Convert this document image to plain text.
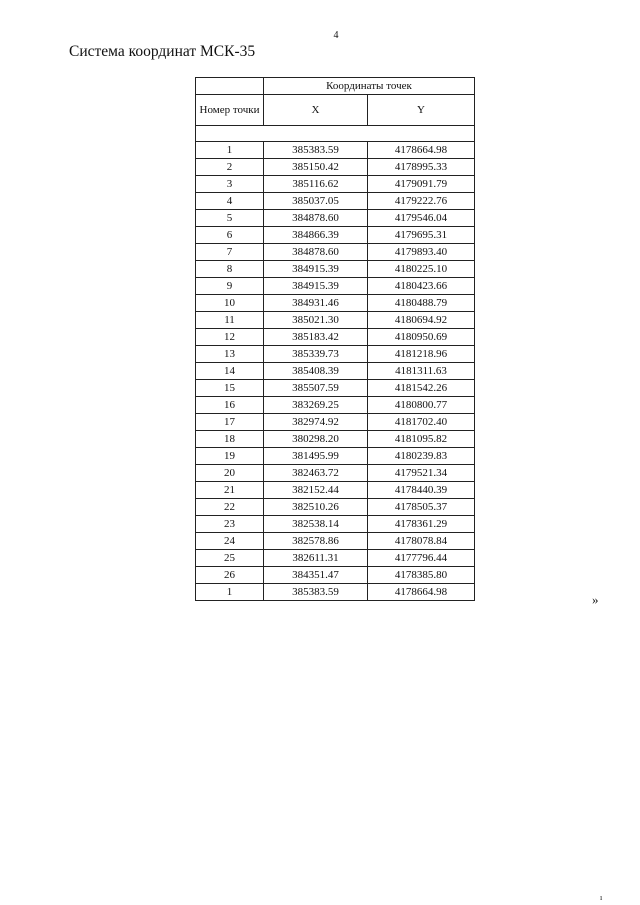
4
Система координат МСК-35
	Координаты точек	
Номер точки	X	Y

1	385383.59	4178664.98
2	385150.42	4178995.33
3	385116.62	4179091.79
4	385037.05	4179222.76
5	384878.60	4179546.04
6	384866.39	4179695.31
7	384878.60	4179893.40
8	384915.39	4180225.10
9	384915.39	4180423.66
10	384931.46	4180488.79
11	385021.30	4180694.92
12	385183.42	4180950.69
13	385339.73	4181218.96
14	385408.39	4181311.63
15	385507.59	4181542.26
16	383269.25	4180800.77
17	382974.92	4181702.40
18	380298.20	4181095.82
19	381495.99	4180239.83
20	382463.72	4179521.34
21	382152.44	4178440.39
22	382510.26	4178505.37
23	382538.14	4178361.29
24	382578.86	4178078.84
25	382611.31	4177796.44
26	384351.47	4178385.80
1	385383.59	4178664.98
»
ı
